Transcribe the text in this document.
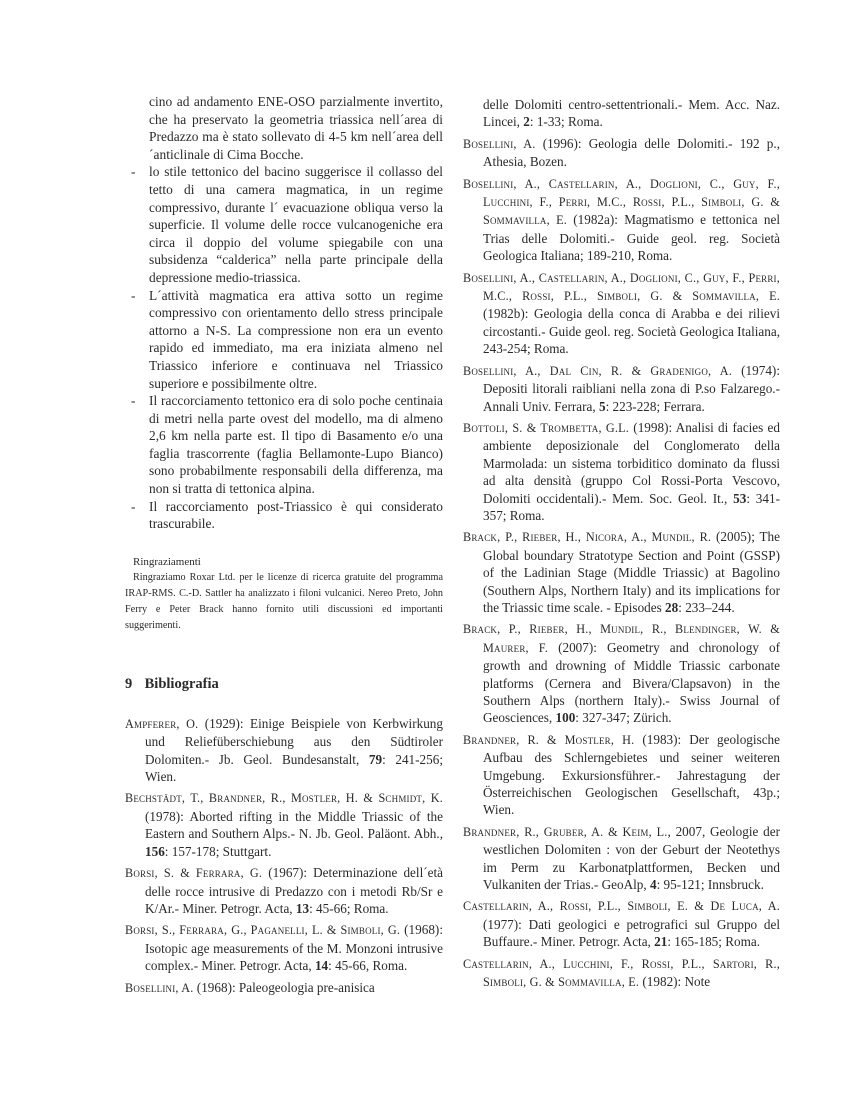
cino ad andamento ENE-OSO parzialmente invertito, che ha preservato la geometria triassica nell´area di Predazzo ma è stato sollevato di 4-5 km nell´area dell´anticlinale di Cima Bocche.

- lo stile tettonico del bacino suggerisce il collasso del tetto di una camera magmatica, in un regime compressivo, durante l´ evacuazione obliqua verso la superficie. Il volume delle rocce vulcanogeniche era circa il doppio del volume spiegabile con una subsidenza “calderica” nella parte principale della depressione medio-triassica.
- L´attività magmatica era attiva sotto un regime compressivo con orientamento dello stress principale attorno a N-S. La compressione non era un evento rapido ed immediato, ma era iniziata almeno nel Triassico inferiore e continuava nel Triassico superiore e possibilmente oltre.
- Il raccorciamento tettonico era di solo poche centinaia di metri nella parte ovest del modello, ma di almeno 2,6 km nella parte est. Il tipo di Basamento e/o una faglia trascorrente (faglia Bellamonte-Lupo Bianco) sono probabilmente responsabili della differenza, ma non si tratta di tettonica alpina.
- Il raccorciamento post-Triassico è qui considerato trascurabile.
Ringraziamenti

Ringraziamo Roxar Ltd. per le licenze di ricerca gratuite del programma IRAP-RMS. C.-D. Sattler ha analizzato i filoni vulcanici. Nereo Preto, John Ferry e Peter Brack hanno fornito utili discussioni ed importanti suggerimenti.

9 Bibliografia
Ampferer, O. (1929): Einige Beispiele von Kerbwirkung und Reliefüberschiebung aus den Südtiroler Dolomiten.- Jb. Geol. Bundesanstalt, 79: 241-256; Wien.
Bechstädt, T., Brandner, R., Mostler, H. & Schmidt, K. (1978): Aborted rifting in the Middle Triassic of the Eastern and Southern Alps.- N. Jb. Geol. Paläont. Abh., 156: 157-178; Stuttgart.
Borsi, S. & Ferrara, G. (1967): Determinazione dell´età delle rocce intrusive di Predazzo con i metodi Rb/Sr e K/Ar.- Miner. Petrogr. Acta, 13: 45-66; Roma.
Borsi, S., Ferrara, G., Paganelli, L. & Simboli, G. (1968): Isotopic age measurements of the M. Monzoni intrusive complex.- Miner. Petrogr. Acta, 14: 45-66, Roma.
Bosellini, A. (1968): Paleogeologia pre-anisica
delle Dolomiti centro-settentrionali.- Mem. Acc. Naz. Lincei, 2: 1-33; Roma.
Bosellini, A. (1996): Geologia delle Dolomiti.- 192 p., Athesia, Bozen.
Bosellini, A., Castellarin, A., Doglioni, C., Guy, F., Lucchini, F., Perri, M.C., Rossi, P.L., Simboli, G. & Sommavilla, E. (1982a): Magmatismo e tettonica nel Trias delle Dolomiti.- Guide geol. reg. Società Geologica Italiana; 189-210, Roma.
Bosellini, A., Castellarin, A., Doglioni, C., Guy, F., Perri, M.C., Rossi, P.L., Simboli, G. & Sommavilla, E. (1982b): Geologia della conca di Arabba e dei rilievi circostanti.- Guide geol. reg. Società Geologica Italiana, 243-254; Roma.
Bosellini, A., Dal Cin, R. & Gradenigo, A. (1974): Depositi litorali raibliani nella zona di P.so Falzarego.- Annali Univ. Ferrara, 5: 223-228; Ferrara.
Bottoli, S. & Trombetta, G.L. (1998): Analisi di facies ed ambiente deposizionale del Conglomerato della Marmolada: un sistema torbiditico dominato da flussi ad alta densità (gruppo Col Rossi-Porta Vescovo, Dolomiti occidentali).- Mem. Soc. Geol. It., 53: 341-357; Roma.
Brack, P., Rieber, H., Nicora, A., Mundil, R. (2005); The Global boundary Stratotype Section and Point (GSSP) of the Ladinian Stage (Middle Triassic) at Bagolino (Southern Alps, Northern Italy) and its implications for the Triassic time scale. - Episodes 28: 233–244.
Brack, P., Rieber, H., Mundil, R., Blendinger, W. & Maurer, F. (2007): Geometry and chronology of growth and drowning of Middle Triassic carbonate platforms (Cernera and Bivera/Clapsavon) in the Southern Alps (northern Italy).- Swiss Journal of Geosciences, 100: 327-347; Zürich.
Brandner, R. & Mostler, H. (1983): Der geologische Aufbau des Schlerngebietes und seiner weiteren Umgebung. Exkursionsführer.- Jahrestagung der Österreichischen Geologischen Gesellschaft, 43p.; Wien.
Brandner, R., Gruber, A. & Keim, L., 2007, Geologie der westlichen Dolomiten : von der Geburt der Neotethys im Perm zu Karbonatplattformen, Becken und Vulkaniten der Trias.- GeoAlp, 4: 95-121; Innsbruck.
Castellarin, A., Rossi, P.L., Simboli, E. & De Luca, A. (1977): Dati geologici e petrografici sul Gruppo del Buffaure.- Miner. Petrogr. Acta, 21: 165-185; Roma.
Castellarin, A., Lucchini, F., Rossi, P.L., Sartori, R., Simboli, G. & Sommavilla, E. (1982): Note
